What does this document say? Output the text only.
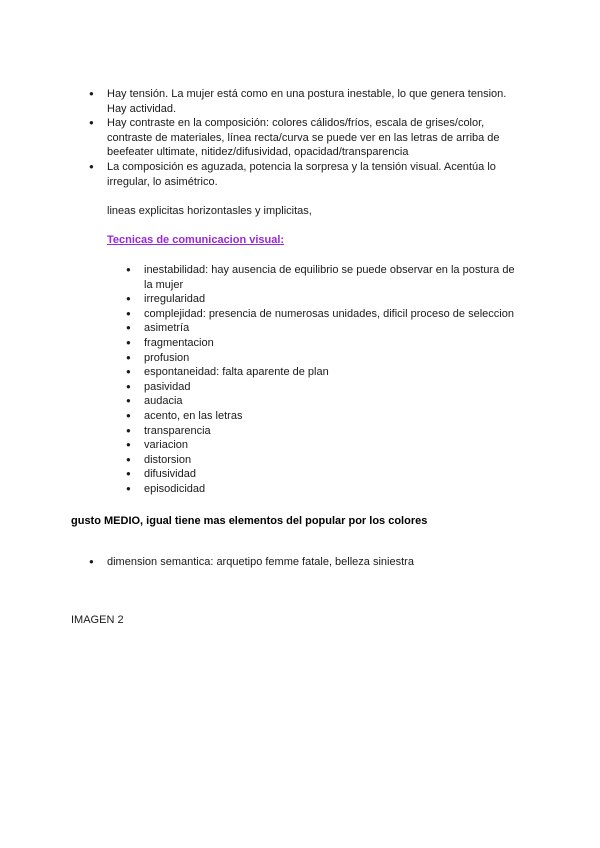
● Hay tensión. La mujer está como en una postura inestable, lo que genera tension. Hay actividad.
● Hay contraste en la composición: colores cálidos/fríos, escala de grises/color, contraste de materiales, línea recta/curva se puede ver en las letras de arriba de beefeater ultimate, nitidez/difusividad, opacidad/transparencia
● La composición es aguzada, potencia la sorpresa y la tensión visual. Acentúa lo irregular, lo asimétrico.
lineas explicitas horizontasles y implicitas,
Tecnicas de comunicacion visual:
● inestabilidad: hay ausencia de equilibrio se puede observar en la postura de la mujer
● irregularidad
● complejidad: presencia de numerosas unidades, dificil proceso de seleccion
● asimetría
● fragmentacion
● profusion
● espontaneidad: falta aparente de plan
● pasividad
● audacia
● acento, en las letras
● transparencia
● variacion
● distorsion
● difusividad
● episodicidad
gusto MEDIO, igual tiene mas elementos del popular por los colores
● dimension semantica: arquetipo femme fatale, belleza siniestra
IMAGEN 2
